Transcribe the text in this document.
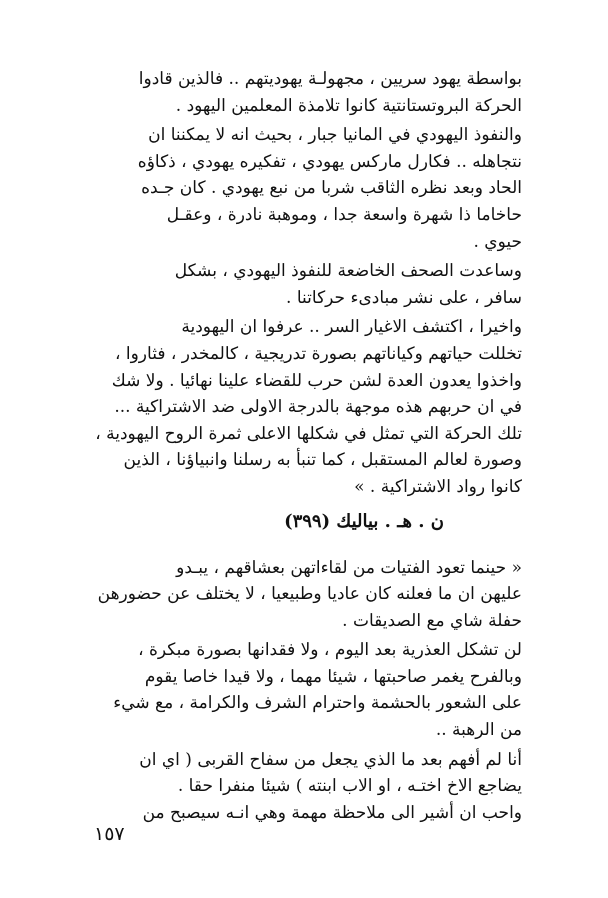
بواسطة يهود سريين ، مجهولـة يهوديتهم .. فالذين قادوا
الحركة البروتستانتية كانوا تلامذة المعلمين اليهود .

والنفوذ اليهودي في المانيا جبار ، بحيث انه لا يمكننا ان
نتجاهله .. فكارل ماركس يهودي ، تفكيره يهودي ، ذكاؤه
الحاد وبعد نظره الثاقب شربا من نبع يهودي . كان جـده
حاخاما ذا شهرة واسعة جدا ، وموهبة نادرة ، وعقـل
حيوي .

وساعدت الصحف الخاضعة للنفوذ اليهودي ، بشكل
سافر ، على نشر مبادىء حركاتنا .

واخيرا ، اكتشف الاغيار السر .. عرفوا ان اليهودية
تخللت حياتهم وكياناتهم بصورة تدريجية ، كالمخدر ، فثاروا ،
واخذوا يعدون العدة لشن حرب للقضاء علينا نهائيا . ولا شك
في ان حربهم هذه موجهة بالدرجة الاولى ضد الاشتراكية ...
تلك الحركة التي تمثل في شكلها الاعلى ثمرة الروح اليهودية ،
وصورة لعالم المستقبل ، كما تنبأ به رسلنا وانبياؤنا ، الذين
كانوا رواد الاشتراكية . »

ن . هـ . بياليك (۳۹۹)

« حينما تعود الفتيات من لقاءاتهن بعشاقهم ، يبـدو
عليهن ان ما فعلنه كان عاديا وطبيعيا ، لا يختلف عن حضورهن
حفلة شاي مع الصديقات .

لن تشكل العذرية بعد اليوم ، ولا فقدانها بصورة مبكرة ،
وبالفرح يغمر صاحبتها ، شيئا مهما ، ولا قيدا خاصا يقوم
على الشعور بالحشمة واحترام الشرف والكرامة ، مع شيء
من الرهبة ..

أنا لم أفهم بعد ما الذي يجعل من سفاح القربى ( اي ان
يضاجع الاخ اختـه ، او الاب ابنته ) شيئا منفرا حقا .
واحب ان أشير الى ملاحظة مهمة وهي انـه سيصبح من

١٥٧
